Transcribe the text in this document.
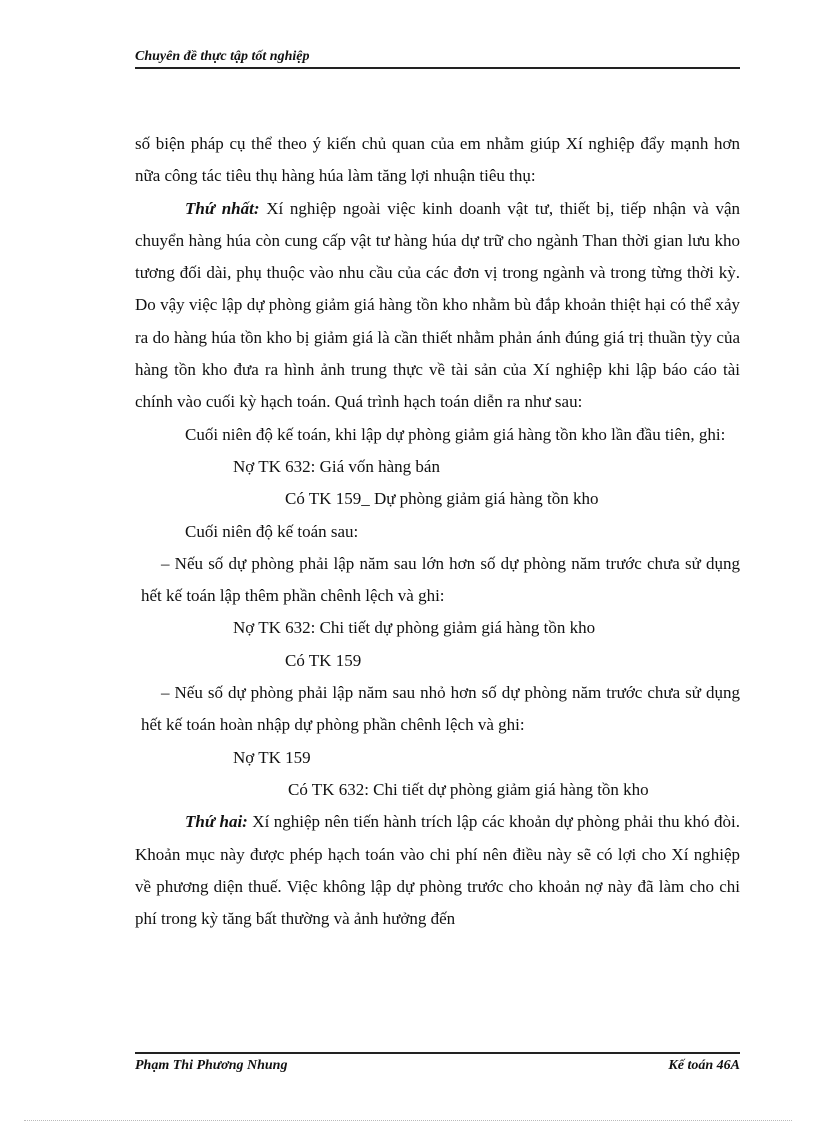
Chuyên đề thực tập tốt nghiệp

số biện pháp cụ thể theo ý kiến chủ quan của em nhằm giúp Xí nghiệp đẩy mạnh hơn nữa công tác tiêu thụ hàng húa làm tăng lợi nhuận tiêu thụ:

Thứ nhất: Xí nghiệp ngoài việc kinh doanh vật tư, thiết bị, tiếp nhận và vận chuyển hàng húa còn cung cấp vật tư hàng húa dự trữ cho ngành Than thời gian lưu kho tương đối dài, phụ thuộc vào nhu cầu của các đơn vị trong ngành và trong từng thời kỳ. Do vậy việc lập dự phòng giảm giá hàng tồn kho nhằm bù đắp khoản thiệt hại có thể xảy ra do hàng húa tồn kho bị giảm giá là cần thiết nhằm phản ánh đúng giá trị thuần tỳy của hàng tồn kho đưa ra hình ảnh trung thực về tài sản của Xí nghiệp khi lập báo cáo tài chính vào cuối kỳ hạch toán. Quá trình hạch toán diễn ra như sau:

Cuối niên độ kế toán, khi lập dự phòng giảm giá hàng tồn kho lần đầu tiên, ghi:

Nợ TK 632: Giá vốn hàng bán

Có TK 159_ Dự phòng giảm giá hàng tồn kho

Cuối niên độ kế toán sau:

– Nếu số dự phòng phải lập năm sau lớn hơn số dự phòng năm trước chưa sử dụng hết kế toán lập thêm phần chênh lệch và ghi:

Nợ TK 632: Chi tiết dự phòng giảm giá hàng tồn kho

Có TK 159

– Nếu số dự phòng phải lập năm sau nhỏ hơn số dự phòng năm trước chưa sử dụng hết kế toán hoàn nhập dự phòng phần chênh lệch và ghi:

Nợ TK 159

Có TK 632: Chi tiết dự phòng giảm giá hàng tồn kho

Thứ hai: Xí nghiệp nên tiến hành trích lập các khoản dự phòng phải thu khó đòi. Khoản mục này được phép hạch toán vào chi phí nên điều này sẽ có lợi cho Xí nghiệp về phương diện thuế. Việc không lập dự phòng trước cho khoản nợ này đã làm cho chi phí trong kỳ tăng bất thường và ảnh hưởng đến

Phạm Thi Phương Nhung	Kế toán 46A
